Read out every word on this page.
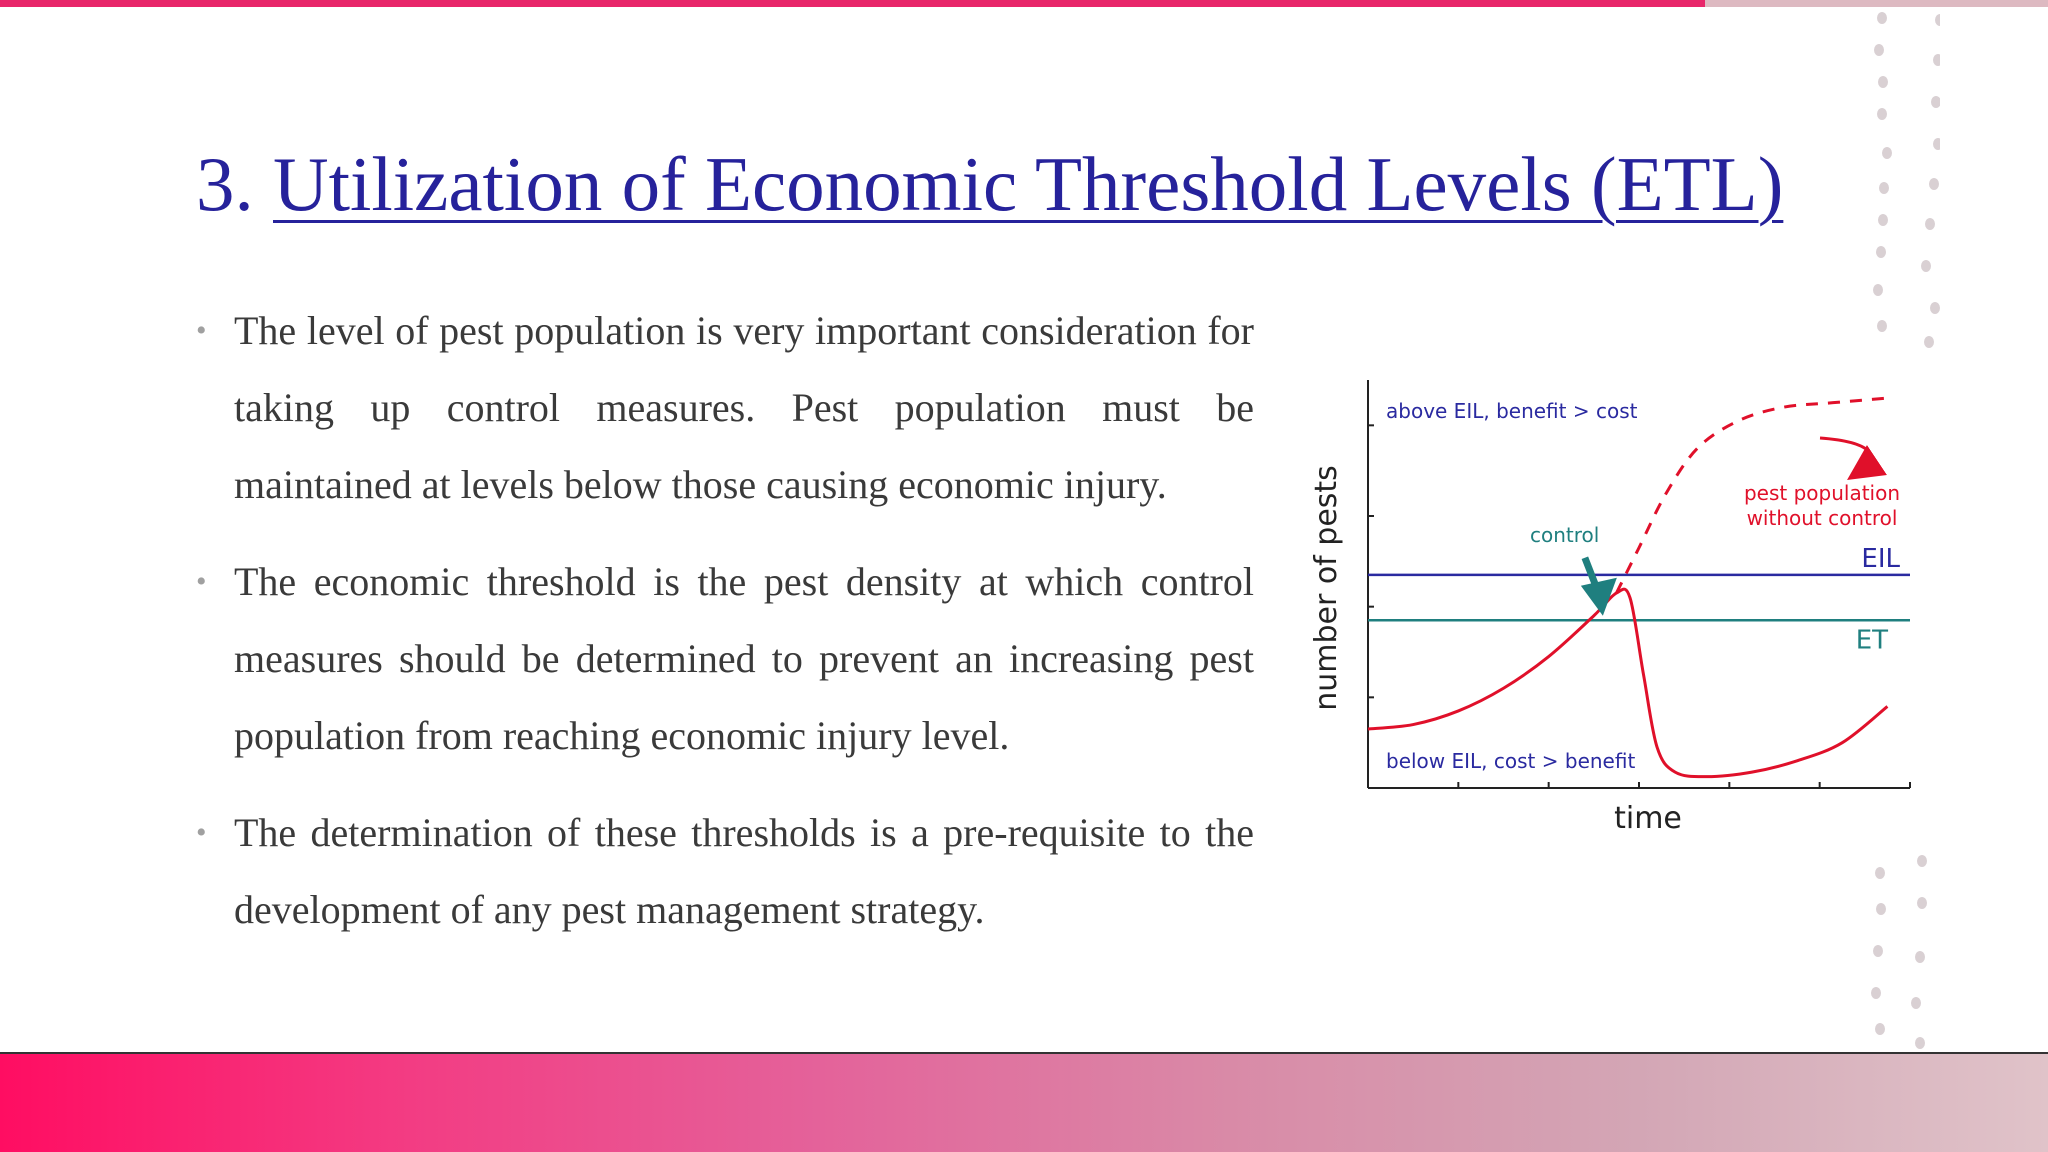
3. Utilization of Economic Threshold Levels (ETL)
• The level of pest population is very important consideration for taking up control measures. Pest population must be maintained at levels below those causing economic injury.
• The economic threshold is the pest density at which control measures should be determined to prevent an increasing pest population from reaching economic injury level.
• The determination of these thresholds is a pre-requisite to the development of any pest management strategy.
above EIL, benefit > cost
below EIL, cost > benefit
control
pest population
without control
EIL
ET
time
number of pests
